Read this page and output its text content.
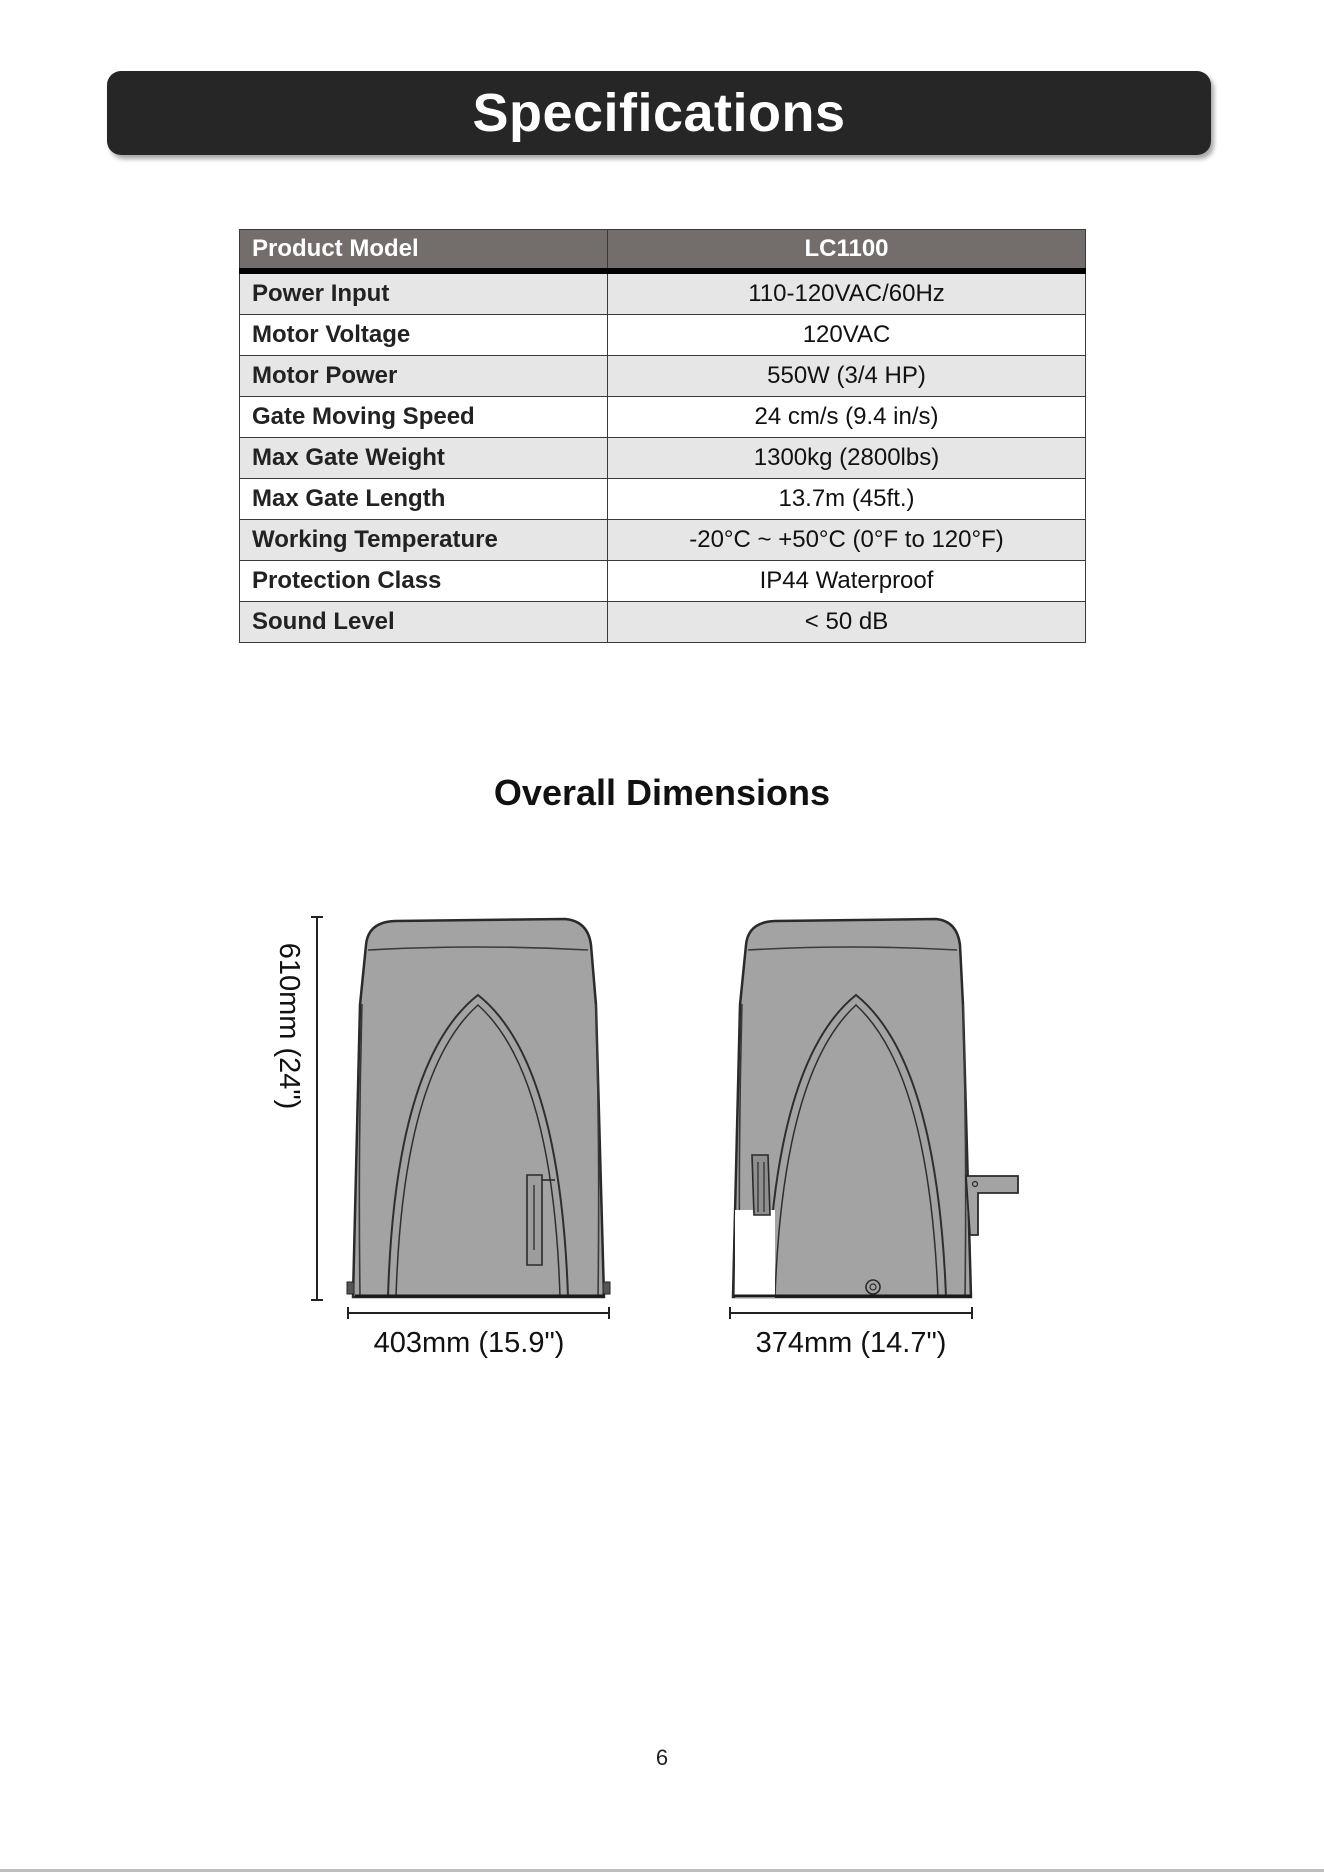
Specifications
Product Model	LC1100
Power Input	110-120VAC/60Hz
Motor Voltage	120VAC
Motor Power	550W (3/4 HP)
Gate Moving Speed	24 cm/s (9.4 in/s)
Max Gate Weight	1300kg (2800lbs)
Max Gate Length	13.7m (45ft.)
Working Temperature	-20°C ~ +50°C (0°F to 120°F)
Protection Class	IP44 Waterproof
Sound Level	< 50 dB
Overall Dimensions
610mm (24")
403mm (15.9")	374mm (14.7")
6
